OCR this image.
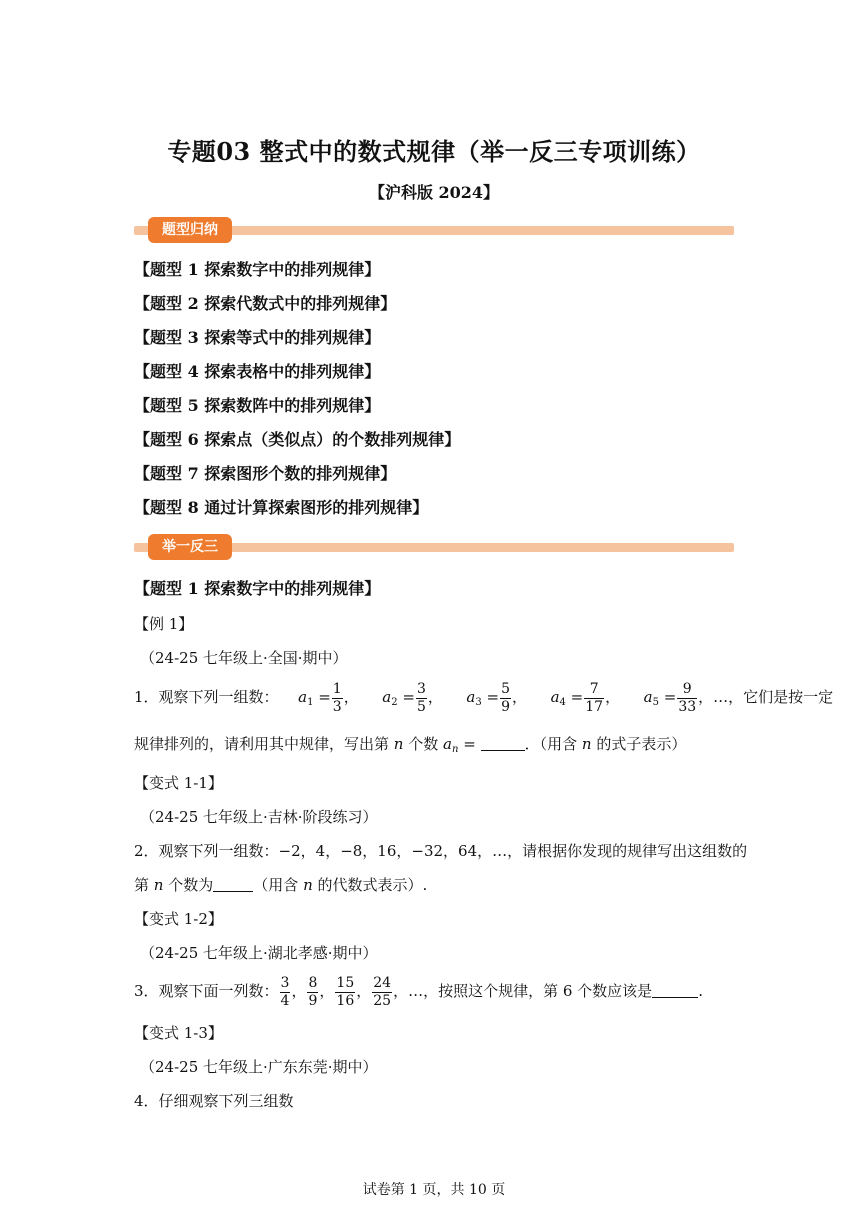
专题03 整式中的数式规律（举一反三专项训练）
【沪科版 2024】
题型归纳
【题型 1 探索数字中的排列规律】
【题型 2 探索代数式中的排列规律】
【题型 3 探索等式中的排列规律】
【题型 4 探索表格中的排列规律】
【题型 5 探索数阵中的排列规律】
【题型 6 探索点（类似点）的个数排列规律】
【题型 7 探索图形个数的排列规律】
【题型 8 通过计算探索图形的排列规律】
举一反三
【题型 1 探索数字中的排列规律】
【例 1】
（24-25 七年级上·全国·期中）
1．观察下列一组数： $a_1 = \frac{1}{3}$ ，  $a_2 = \frac{3}{5}$ ，  $a_3 = \frac{5}{9}$ ，  $a_4 = \frac{7}{17}$ ，  $a_5 = \frac{9}{33}$ ，…，它们是按一定
规律排列的，请利用其中规律，写出第 n 个数 $a_n$ =	．（用含 n 的式子表示）
【变式 1-1】
（24-25 七年级上·吉林·阶段练习）
2．观察下列一组数：−2，4，−8，16，−32，64，…，请根据你发现的规律写出这组数的
第 n 个数为	（用含 n 的代数式表示）.
【变式 1-2】
（24-25 七年级上·湖北孝感·期中）
3．观察下面一列数： $\frac{3}{4}$ ， $\frac{8}{9}$ ， $\frac{15}{16}$ ， $\frac{24}{25}$ ，…，按照这个规律，第 6 个数应该是	.
【变式 1-3】
（24-25 七年级上·广东东莞·期中）
4．仔细观察下列三组数
试卷第 1 页，共 10 页
